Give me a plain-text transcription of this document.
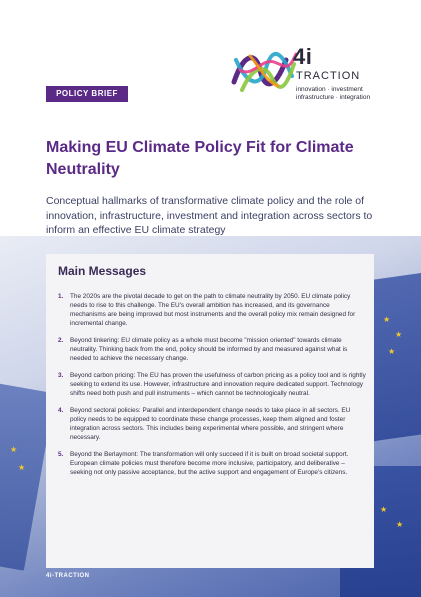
★
★
★
★
★
★
★
4i
TRACTION
innovation · investment
infrastructure · integration
POLICY BRIEF
Making EU Climate Policy Fit for Climate Neutrality
Conceptual hallmarks of transformative climate policy and the role of innovation, infrastructure, investment and integration across sectors to inform an effective EU climate strategy
Main Messages
1. The 2020s are the pivotal decade to get on the path to climate neutrality by 2050. EU climate policy needs to rise to this challenge. The EU's overall ambition has increased, and its governance mechanisms are being improved but most instruments and the overall policy mix remain designed for incremental change.
2. Beyond tinkering: EU climate policy as a whole must become "mission oriented" towards climate neutrality. Thinking back from the end, policy should be informed by and measured against what is needed to achieve the necessary change.
3. Beyond carbon pricing: The EU has proven the usefulness of carbon pricing as a policy tool and is rightly seeking to extend its use. However, infrastructure and innovation require dedicated support. Technology shifts need both push and pull instruments – which cannot be technologically neutral.
4. Beyond sectoral policies: Parallel and interdependent change needs to take place in all sectors. EU policy needs to be equipped to coordinate these change processes, keep them aligned and foster integration across sectors. This includes being experimental where possible, and stringent where necessary.
5. Beyond the Berlaymont: The transformation will only succeed if it is built on broad societal support. European climate policies must therefore become more inclusive, participatory, and deliberative – seeking not only passive acceptance, but the active support and engagement of Europe's citizens.
4i-TRACTION
